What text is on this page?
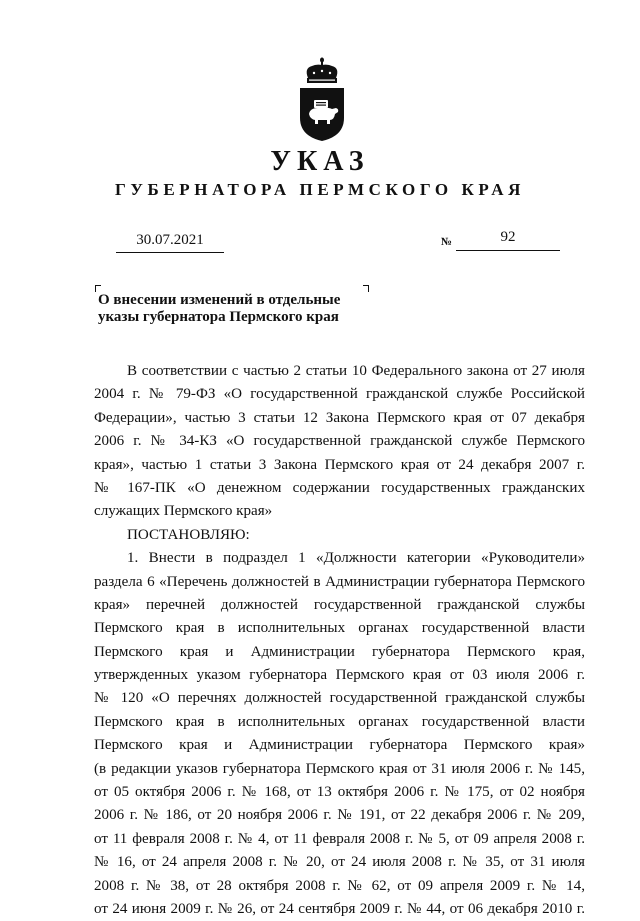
УКАЗ
ГУБЕРНАТОРА ПЕРМСКОГО КРАЯ
30.07.2021	№	92
О внесении изменений в отдельные
указы губернатора Пермского края
В соответствии с частью 2 статьи 10 Федерального закона от 27 июля
2004 г. № 79-ФЗ «О государственной гражданской службе Российской
Федерации», частью 3 статьи 12 Закона Пермского края от 07 декабря
2006 г. № 34-КЗ «О государственной гражданской службе Пермского
края», частью 1 статьи 3 Закона Пермского края от 24 декабря 2007 г.
№ 167-ПК «О денежном содержании государственных гражданских
служащих Пермского края»
ПОСТАНОВЛЯЮ:
1. Внести в подраздел 1 «Должности категории «Руководители»
раздела 6 «Перечень должностей в Администрации губернатора Пермского
края» перечней должностей государственной гражданской службы
Пермского края в исполнительных органах государственной власти
Пермского края и Администрации губернатора Пермского края,
утвержденных указом губернатора Пермского края от 03 июля 2006 г.
№ 120 «О перечнях должностей государственной гражданской службы
Пермского края в исполнительных органах государственной власти
Пермского края и Администрации губернатора Пермского края»
(в редакции указов губернатора Пермского края от 31 июля 2006 г. № 145,
от 05 октября 2006 г. № 168, от 13 октября 2006 г. № 175, от 02 ноября
2006 г. № 186, от 20 ноября 2006 г. № 191, от 22 декабря 2006 г. № 209,
от 11 февраля 2008 г. № 4, от 11 февраля 2008 г. № 5, от 09 апреля 2008 г.
№ 16, от 24 апреля 2008 г. № 20, от 24 июля 2008 г. № 35, от 31 июля
2008 г. № 38, от 28 октября 2008 г. № 62, от 09 апреля 2009 г. № 14,
от 24 июня 2009 г. № 26, от 24 сентября 2009 г. № 44, от 06 декабря 2010 г.
